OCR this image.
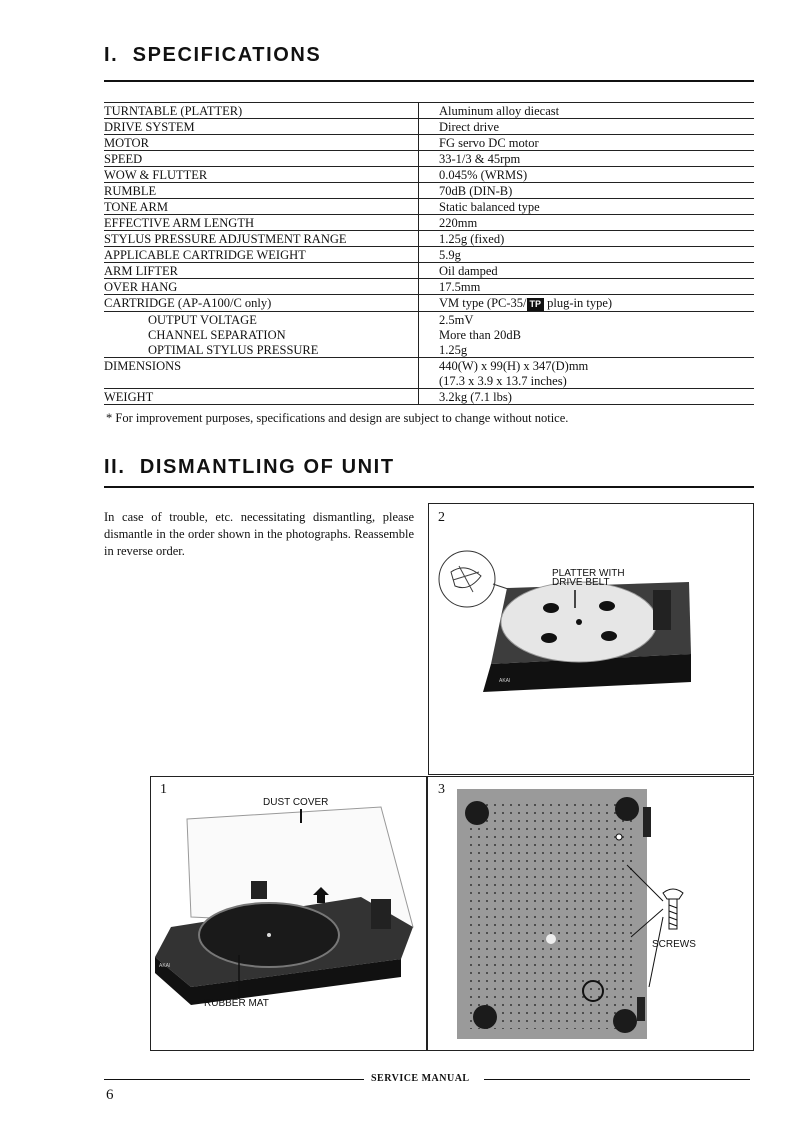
I. SPECIFICATIONS
TURNTABLE (PLATTER)	Aluminum alloy diecast
DRIVE SYSTEM	Direct drive
MOTOR	FG servo DC motor
SPEED	33-1/3 & 45rpm
WOW & FLUTTER	0.045% (WRMS)
RUMBLE	70dB (DIN-B)
TONE ARM	Static balanced type
EFFECTIVE ARM LENGTH	220mm
STYLUS PRESSURE ADJUSTMENT RANGE	1.25g (fixed)
APPLICABLE CARTRIDGE WEIGHT	5.9g
ARM LIFTER	Oil damped
OVER HANG	17.5mm
CARTRIDGE (AP-A100/C only)	VM type (PC-35/ TP plug-in type)
OUTPUT VOLTAGE	2.5mV
CHANNEL SEPARATION	More than 20dB
OPTIMAL STYLUS PRESSURE	1.25g
DIMENSIONS	440(W) x 99(H) x 347(D)mm
	(17.3 x 3.9 x 13.7 inches)
WEIGHT	3.2kg (7.1 lbs)
* For improvement purposes, specifications and design are subject to change without notice.
II. DISMANTLING OF UNIT
In case of trouble, etc. necessitating dismantling, please dismantle in the order shown in the photographs. Reassemble in reverse order.
2
1	3
AKAI
PLATTER WITH
DRIVE BELT
AKAI
DUST COVER
RUBBER MAT
SCREWS
SERVICE MANUAL
6
